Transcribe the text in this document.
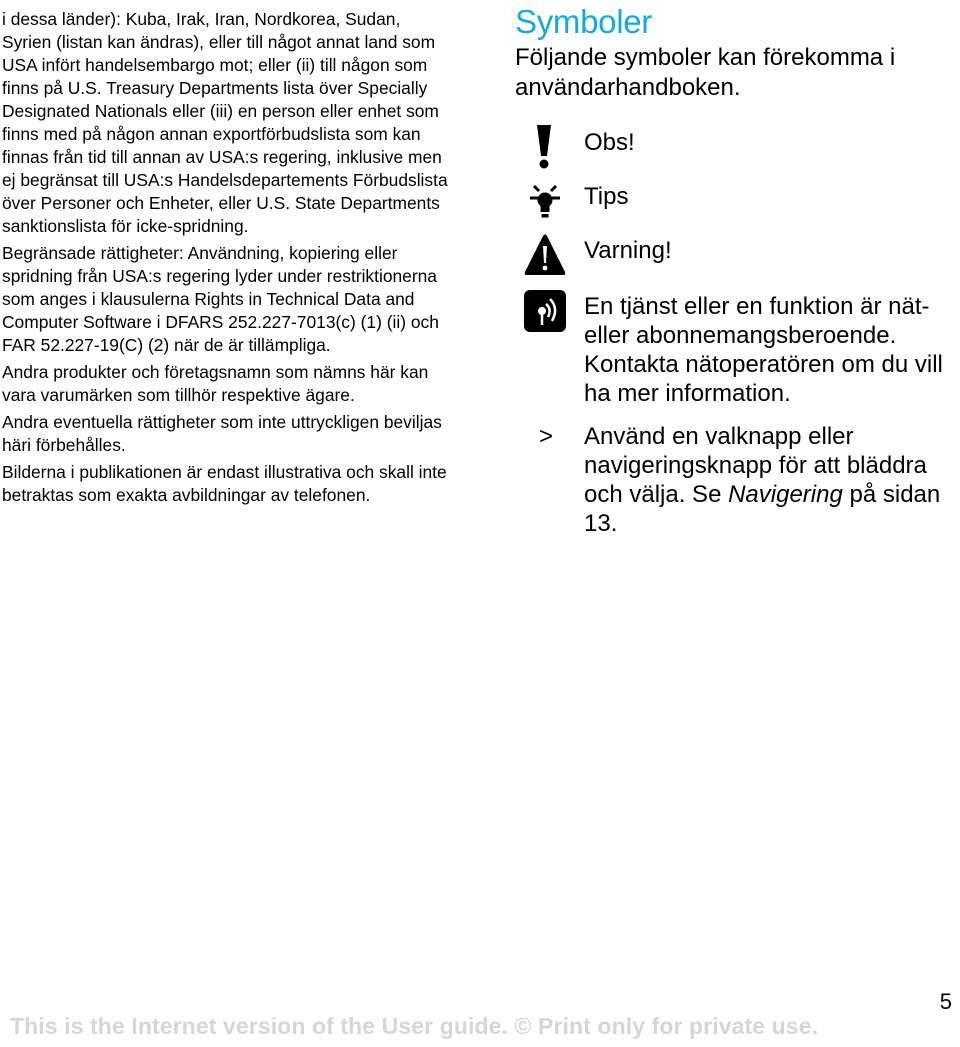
i dessa länder): Kuba, Irak, Iran, Nordkorea, Sudan, Syrien (listan kan ändras), eller till något annat land som USA infört handelsembargo mot; eller (ii) till någon som finns på U.S. Treasury Departments lista över Specially Designated Nationals eller (iii) en person eller enhet som finns med på någon annan exportförbudslista som kan finnas från tid till annan av USA:s regering, inklusive men ej begränsat till USA:s Handelsdepartements Förbudslista över Personer och Enheter, eller U.S. State Departments sanktionslista för icke-spridning.

Begränsade rättigheter: Användning, kopiering eller spridning från USA:s regering lyder under restriktionerna som anges i klausulerna Rights in Technical Data and Computer Software i DFARS 252.227-7013(c) (1) (ii) och FAR 52.227-19(C) (2) när de är tillämpliga.

Andra produkter och företagsnamn som nämns här kan vara varumärken som tillhör respektive ägare.

Andra eventuella rättigheter som inte uttryckligen beviljas häri förbehålles.

Bilderna i publikationen är endast illustrativa och skall inte betraktas som exakta avbildningar av telefonen.

Symboler

Följande symboler kan förekomma i användarhandboken.

Obs!
Tips
Varning!
En tjänst eller en funktion är nät-eller abonnemangsberoende. Kontakta nätoperatören om du vill ha mer information.
>	Använd en valknapp eller navigeringsknapp för att bläddra och välja. Se Navigering på sidan 13.
This is the Internet version of the User guide. © Print only for private use.
5
